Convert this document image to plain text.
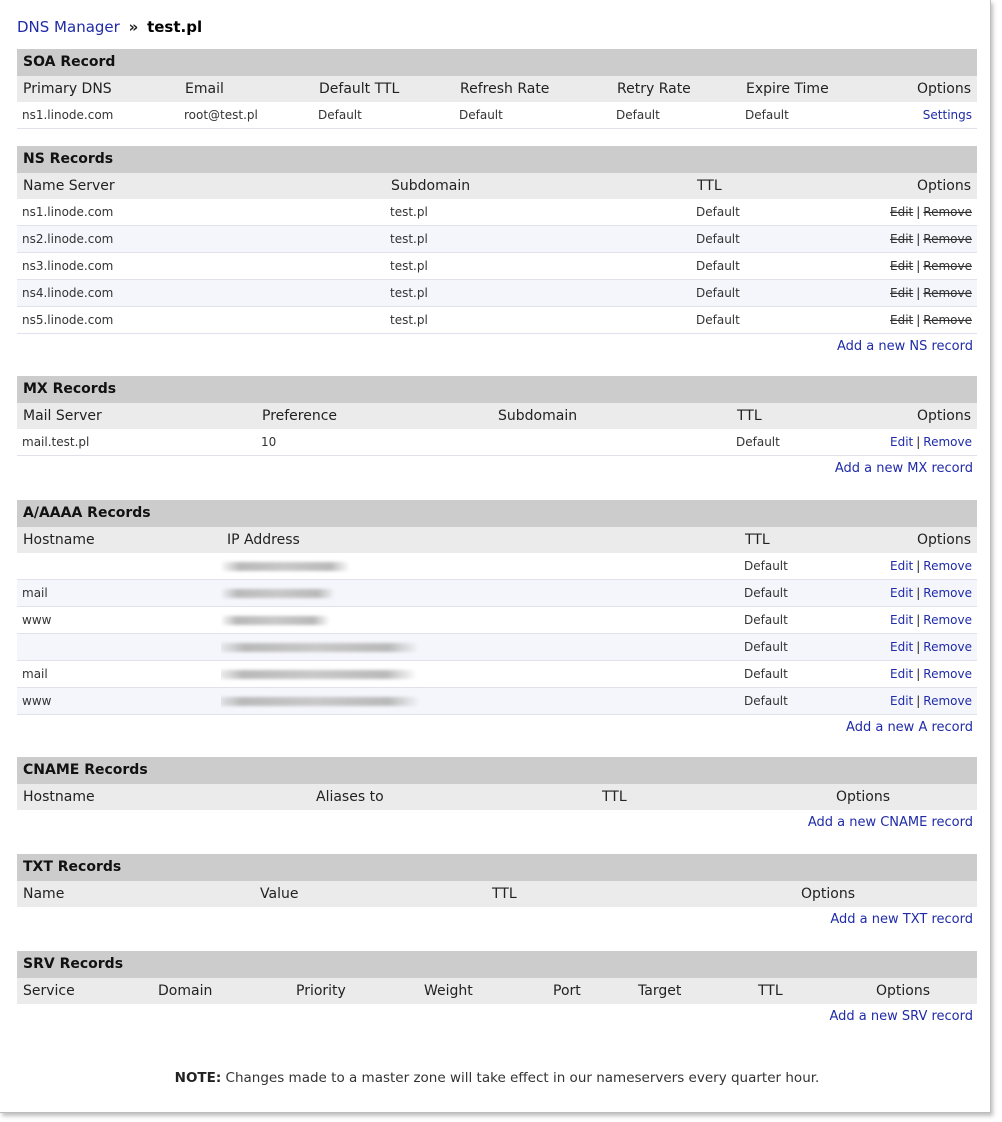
DNS Manager » test.pl
SOA Record
Primary DNS	Email	Default TTL	Refresh Rate	Retry Rate	Expire Time	Options
ns1.linode.com	root@test.pl	Default	Default	Default	Default	Settings
NS Records
Name Server	Subdomain	TTL	Options
ns1.linode.com	test.pl	Default	Edit | Remove
ns2.linode.com	test.pl	Default	Edit | Remove
ns3.linode.com	test.pl	Default	Edit | Remove
ns4.linode.com	test.pl	Default	Edit | Remove
ns5.linode.com	test.pl	Default	Edit | Remove
Add a new NS record
MX Records
Mail Server	Preference	Subdomain	TTL	Options
mail.test.pl	10		Default	Edit | Remove
Add a new MX record
A/AAAA Records
Hostname	IP Address	TTL	Options
		Default	Edit | Remove
mail		Default	Edit | Remove
www		Default	Edit | Remove
		Default	Edit | Remove
mail		Default	Edit | Remove
www		Default	Edit | Remove
Add a new A record
CNAME Records
Hostname	Aliases to	TTL	Options
Add a new CNAME record
TXT Records
Name	Value	TTL	Options
Add a new TXT record
SRV Records
Service	Domain	Priority	Weight	Port	Target	TTL	Options
Add a new SRV record
NOTE: Changes made to a master zone will take effect in our nameservers every quarter hour.
